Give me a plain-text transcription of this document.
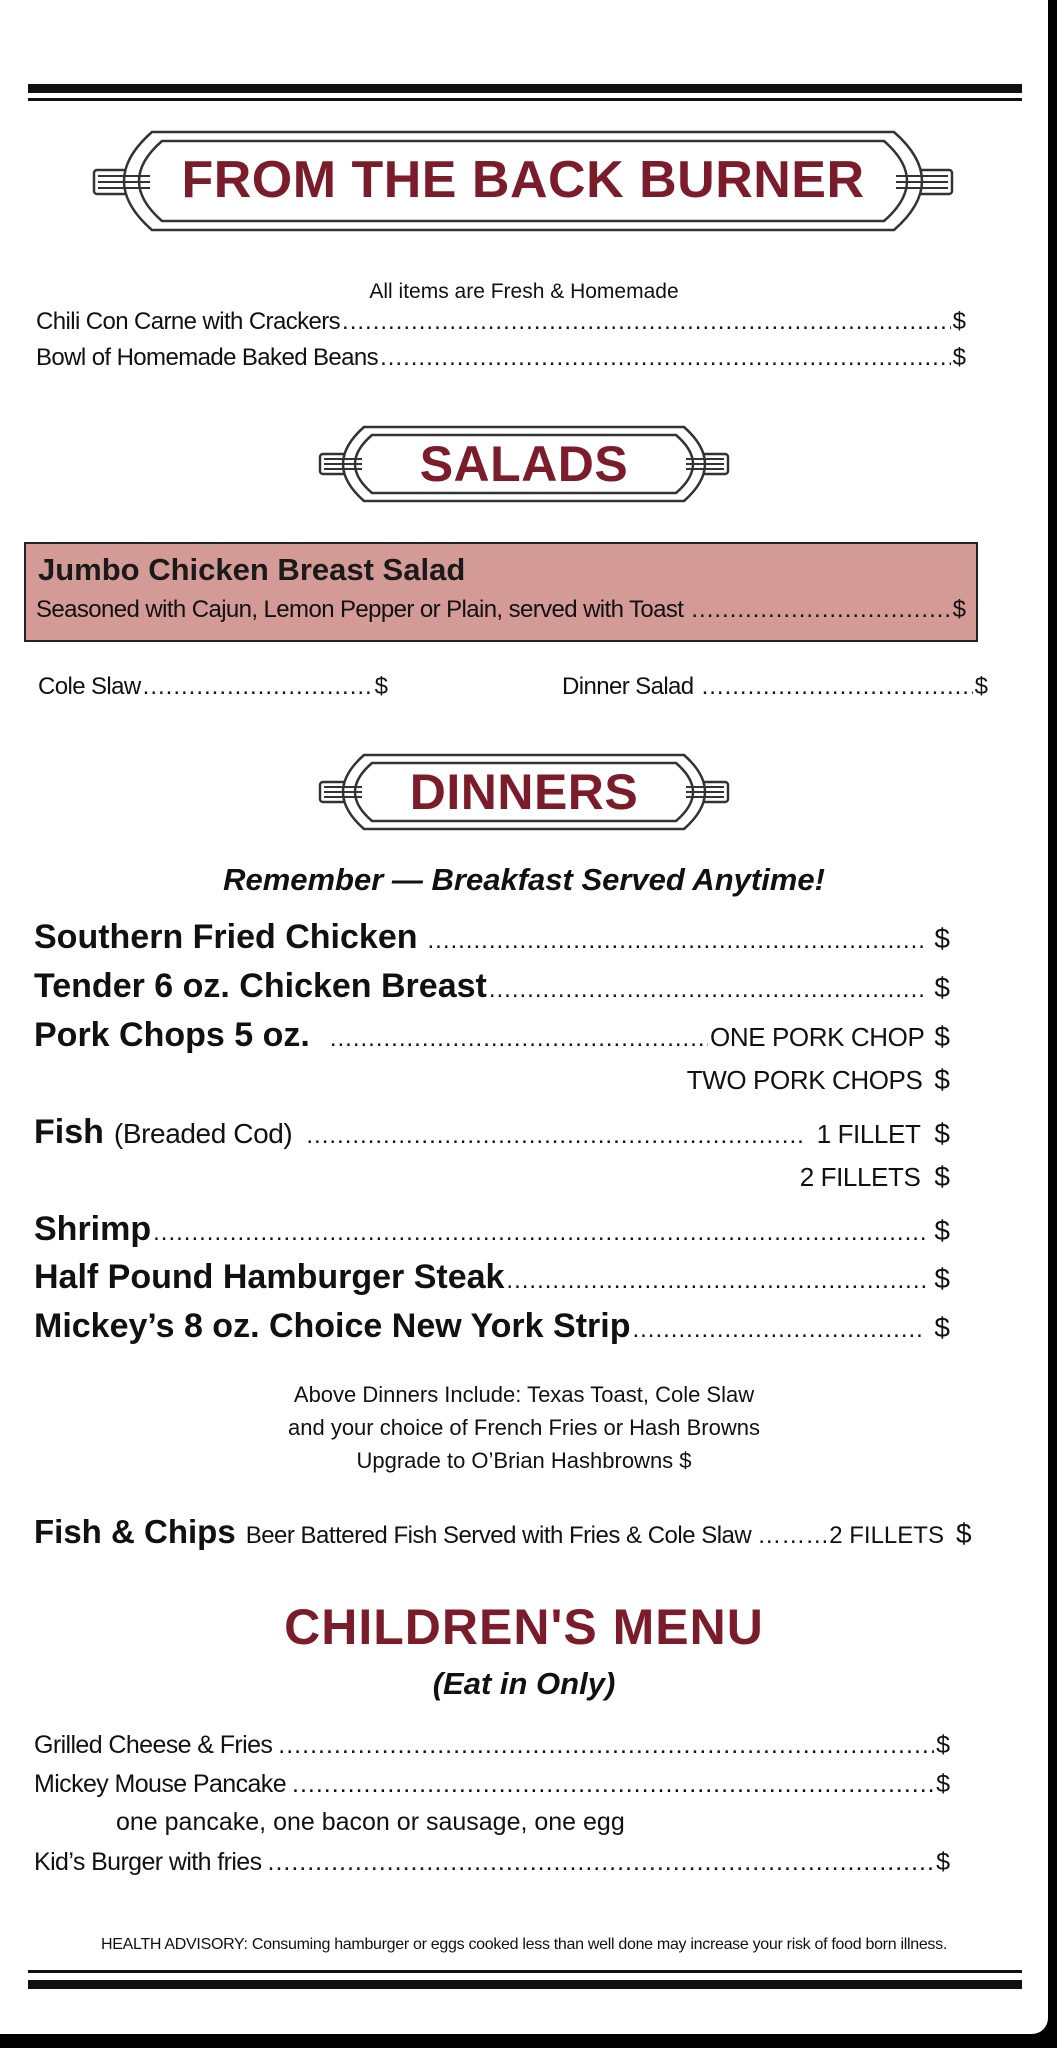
FROM THE BACK BURNER
All items are Fresh & Homemade
Chili Con Carne with Crackers .....	$
Bowl of Homemade Baked Beans .....	$
SALADS
Jumbo Chicken Breast Salad
Seasoned with Cajun, Lemon Pepper or Plain, served with Toast .....	$
Cole Slaw .....	$	Dinner Salad .....	$
DINNERS
Remember — Breakfast Served Anytime!
Southern Fried Chicken .....	$
Tender 6 oz. Chicken Breast .....	$
Pork Chops 5 oz. .....	ONE PORK CHOP $
TWO PORK CHOPS $
Fish (Breaded Cod) .....	1 FILLET $
2 FILLETS $
Shrimp .....	$
Half Pound Hamburger Steak .....	$
Mickey’s 8 oz. Choice New York Strip .....	$
Above Dinners Include: Texas Toast, Cole Slaw
and your choice of French Fries or Hash Browns
Upgrade to O’Brian Hashbrowns $
Fish & Chips Beer Battered Fish Served with Fries & Cole Slaw ……… 2 FILLETS $
CHILDREN'S MENU
(Eat in Only)
Grilled Cheese & Fries .....	$
Mickey Mouse Pancake .....	$
one pancake, one bacon or sausage, one egg
Kid’s Burger with fries .....	$
HEALTH ADVISORY: Consuming hamburger or eggs cooked less than well done may increase your risk of food born illness.
